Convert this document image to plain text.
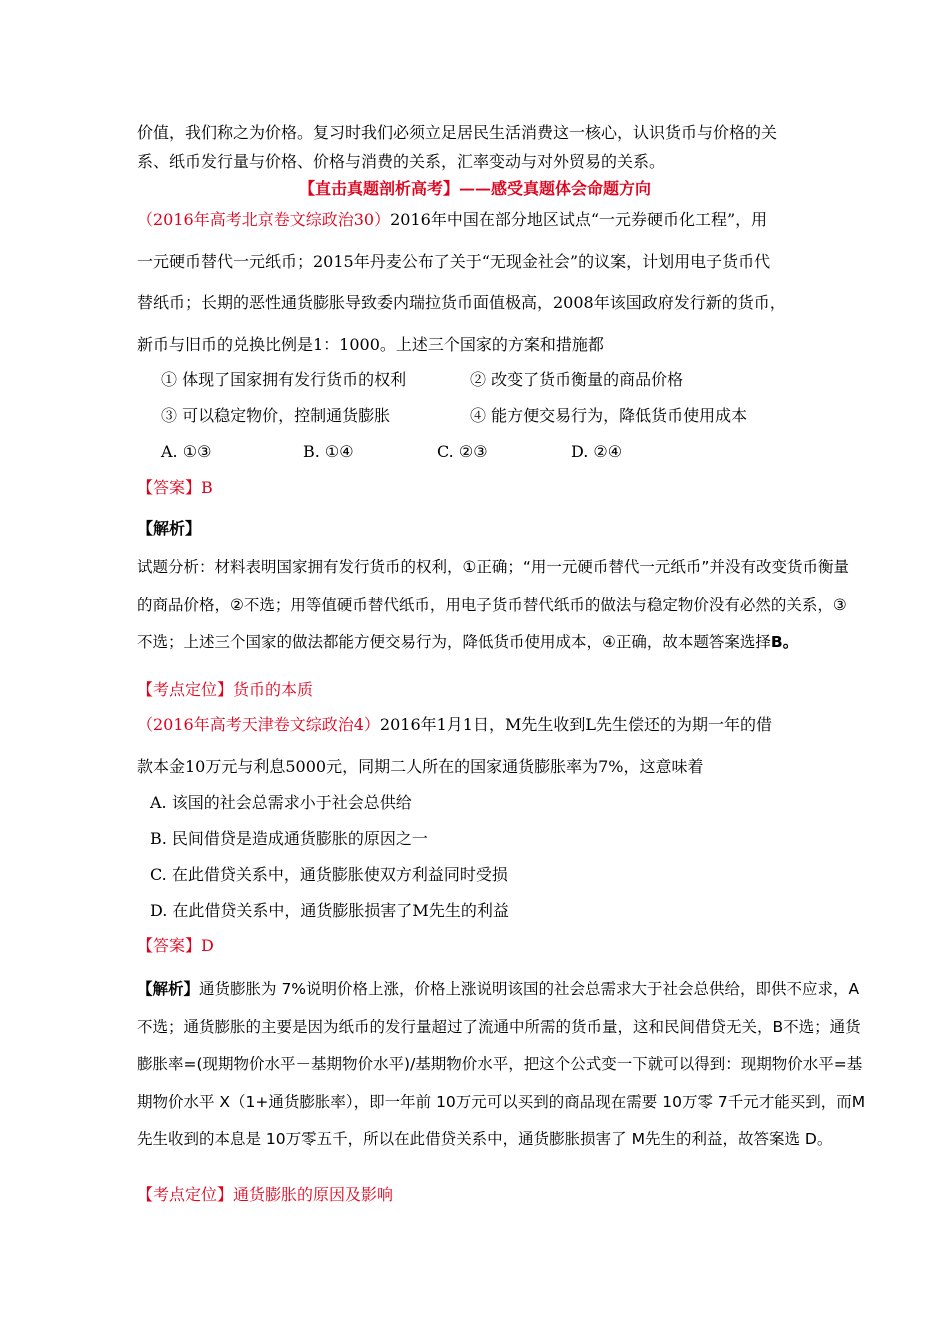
价值，我们称之为价格。复习时我们必须立足居民生活消费这一核心，认识货币与价格的关
系、纸币发行量与价格、价格与消费的关系，汇率变动与对外贸易的关系。
【直击真题剖析高考】——感受真题体会命题方向
（2016年高考北京卷文综政治30）2016年中国在部分地区试点“一元券硬币化工程”，用
一元硬币替代一元纸币；2015年丹麦公布了关于“无现金社会”的议案，计划用电子货币代
替纸币；长期的恶性通货膨胀导致委内瑞拉货币面值极高，2008年该国政府发行新的货币，
新币与旧币的兑换比例是1：1000。上述三个国家的方案和措施都
① 体现了国家拥有发行货币的权利	② 改变了货币衡量的商品价格
③ 可以稳定物价，控制通货膨胀	④ 能方便交易行为，降低货币使用成本
A. ①③	B. ①④	C. ②③	D. ②④
【答案】B
【解析】
试题分析：材料表明国家拥有发行货币的权利，①正确；“用一元硬币替代一元纸币”并没有改变货币衡量
的商品价格，②不选；用等值硬币替代纸币，用电子货币替代纸币的做法与稳定物价没有必然的关系，③
不选；上述三个国家的做法都能方便交易行为，降低货币使用成本，④正确，故本题答案选择B。
【考点定位】货币的本质
（2016年高考天津卷文综政治4）2016年1月1日，M先生收到L先生偿还的为期一年的借
款本金10万元与利息5000元，同期二人所在的国家通货膨胀率为7%，这意味着
A. 该国的社会总需求小于社会总供给
B. 民间借贷是造成通货膨胀的原因之一
C. 在此借贷关系中，通货膨胀使双方利益同时受损
D. 在此借贷关系中，通货膨胀损害了M先生的利益
【答案】D
【解析】通货膨胀为 7%说明价格上涨，价格上涨说明该国的社会总需求大于社会总供给，即供不应求，A
不选；通货膨胀的主要是因为纸币的发行量超过了流通中所需的货币量，这和民间借贷无关，B不选；通货
膨胀率=(现期物价水平－基期物价水平)/基期物价水平，把这个公式变一下就可以得到：现期物价水平=基
期物价水平 X（1+通货膨胀率），即一年前 10万元可以买到的商品现在需要 10万零 7千元才能买到，而M
先生收到的本息是 10万零五千，所以在此借贷关系中，通货膨胀损害了 M先生的利益，故答案选 D。
【考点定位】通货膨胀的原因及影响
